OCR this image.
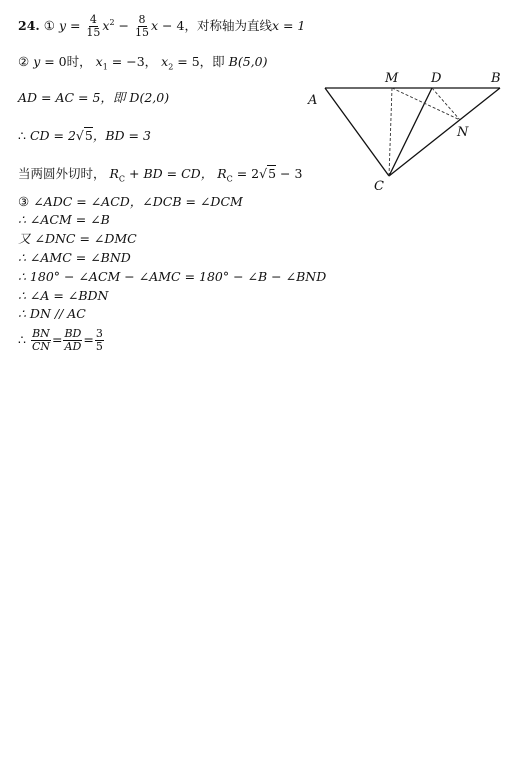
24. ① $y = \frac{4}{15} x^2 - \frac{8}{15}$ x − 4，对称轴为直线x = 1
② y = 0时， $x_1 = -3$， $x_2 = 5$，即 B(5,0)
AD = AC = 5，即 D(2,0)
∴ CD = 2√5，BD = 3
当两圆外切时， $R_C$ + BD = CD， $R_C = 2√5 - 3$
③ ∠ADC = ∠ACD，∠DCB = ∠DCM
∴ ∠ACM = ∠B
又 ∠DNC = ∠DMC
∴ ∠AMC = ∠BND
∴ 180° − ∠ACM − ∠AMC = 180° − ∠B − ∠BND
∴ ∠A = ∠BDN
∴ DN // AC
∴ $\frac{BN}{CN} = \frac{BD}{AD} = \frac{3}{5}$
A
M	D	B
N
C
